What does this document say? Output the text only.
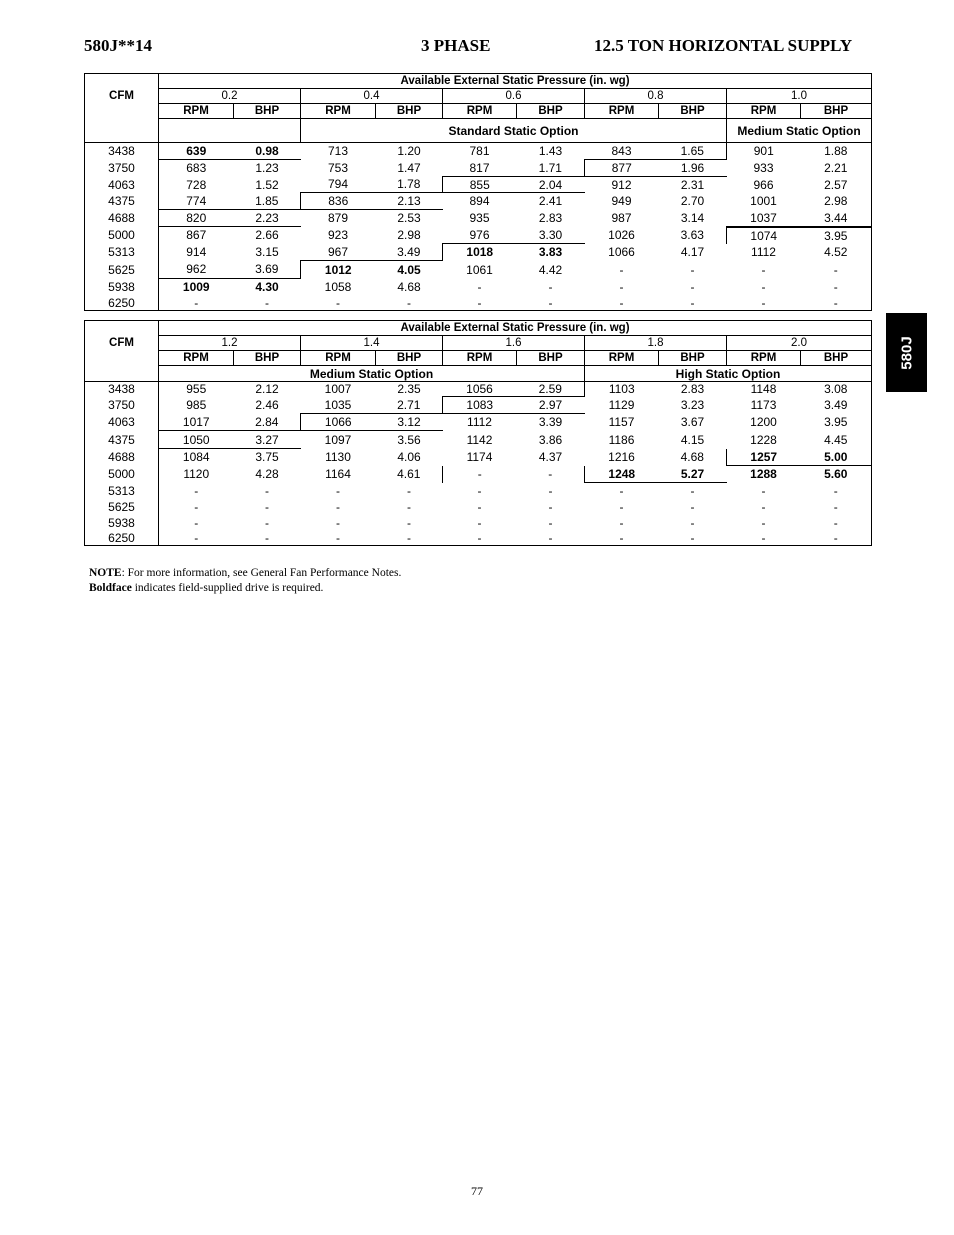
580J**14	3 PHASE	12.5 TON HORIZONTAL SUPPLY
580J
CFM	Available External Static Pressure (in. wg)									
	0.2		0.4		0.6		0.8		1.0	
	RPM	BHP	RPM	BHP	RPM	BHP	RPM	BHP	RPM	BHP
			Standard Static Option						Medium Static Option	
3438	639	0.98	713	1.20	781	1.43	843	1.65	901	1.88
3750	683	1.23	753	1.47	817	1.71	877	1.96	933	2.21
4063	728	1.52	794	1.78	855	2.04	912	2.31	966	2.57
4375	774	1.85	836	2.13	894	2.41	949	2.70	1001	2.98
4688	820	2.23	879	2.53	935	2.83	987	3.14	1037	3.44
5000	867	2.66	923	2.98	976	3.30	1026	3.63	1074	3.95
5313	914	3.15	967	3.49	1018	3.83	1066	4.17	1112	4.52
5625	962	3.69	1012	4.05	1061	4.42	-	-	-	-
5938	1009	4.30	1058	4.68	-	-	-	-	-	-
6250	-	-	-	-	-	-	-	-	-	-
CFM	Available External Static Pressure (in. wg)									
	1.2		1.4		1.6		1.8		2.0	
	RPM	BHP	RPM	BHP	RPM	BHP	RPM	BHP	RPM	BHP
	Medium Static Option						High Static Option			
3438	955	2.12	1007	2.35	1056	2.59	1103	2.83	1148	3.08
3750	985	2.46	1035	2.71	1083	2.97	1129	3.23	1173	3.49
4063	1017	2.84	1066	3.12	1112	3.39	1157	3.67	1200	3.95
4375	1050	3.27	1097	3.56	1142	3.86	1186	4.15	1228	4.45
4688	1084	3.75	1130	4.06	1174	4.37	1216	4.68	1257	5.00
5000	1120	4.28	1164	4.61	-	-	1248	5.27	1288	5.60
5313	-	-	-	-	-	-	-	-	-	-
5625	-	-	-	-	-	-	-	-	-	-
5938	-	-	-	-	-	-	-	-	-	-
6250	-	-	-	-	-	-	-	-	-	-
NOTE: For more information, see General Fan Performance Notes.
Boldface indicates field-supplied drive is required.
77
